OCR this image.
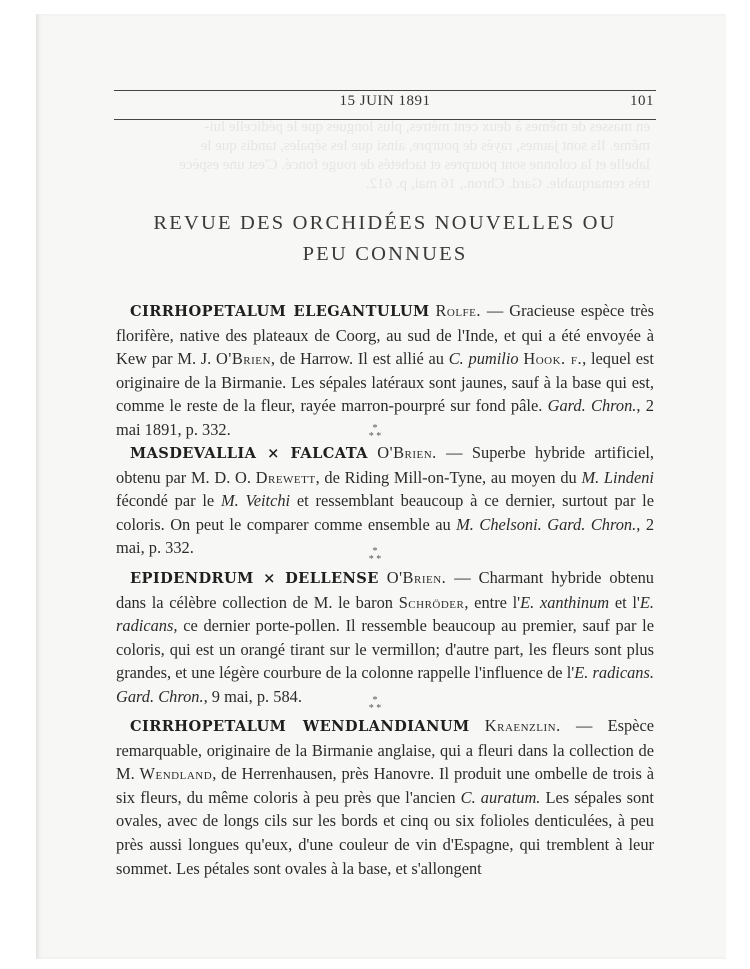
15 JUIN 1891	101
REVUE DES ORCHIDÉES NOUVELLES OU
PEU CONNUES

CIRRHOPETALUM ELEGANTULUM Rolfe. — Gracieuse espèce très florifère, native des plateaux de Coorg, au sud de l'Inde, et qui a été envoyée à Kew par M. J. O'Brien, de Harrow. Il est allié au C. pumilio Hook. f., lequel est originaire de la Birmanie. Les sépales latéraux sont jaunes, sauf à la base qui est, comme le reste de la fleur, rayée marron-pourpré sur fond pâle. Gard. Chron., 2 mai 1891, p. 332.	*
* *

MASDEVALLIA × FALCATA O'Brien. — Superbe hybride artificiel, obtenu par M. D. O. Drewett, de Riding Mill-on-Tyne, au moyen du M. Lindeni fécondé par le M. Veitchi et ressemblant beaucoup à ce dernier, surtout par le coloris. On peut le comparer comme ensemble au M. Chelsoni. Gard. Chron., 2 mai, p. 332.	*
* *

EPIDENDRUM × DELLENSE O'Brien. — Charmant hybride obtenu dans la célèbre collection de M. le baron Schröder, entre l'E. xanthinum et l'E. radicans, ce dernier porte-pollen. Il ressemble beaucoup au premier, sauf par le coloris, qui est un orangé tirant sur le vermillon; d'autre part, les fleurs sont plus grandes, et une légère courbure de la colonne rappelle l'influence de l'E. radicans. Gard. Chron., 9 mai, p. 584.	*
* *

CIRRHOPETALUM WENDLANDIANUM Kraenzlin. — Espèce remarquable, originaire de la Birmanie anglaise, qui a fleuri dans la collection de M. Wendland, de Herrenhausen, près Hanovre. Il produit une ombelle de trois à six fleurs, du même coloris à peu près que l'ancien C. auratum. Les sépales sont ovales, avec de longs cils sur les bords et cinq ou six folioles denticulées, à peu près aussi longues qu'eux, d'une couleur de vin d'Espagne, qui tremblent à leur sommet. Les pétales sont ovales à la base, et s'allongent
